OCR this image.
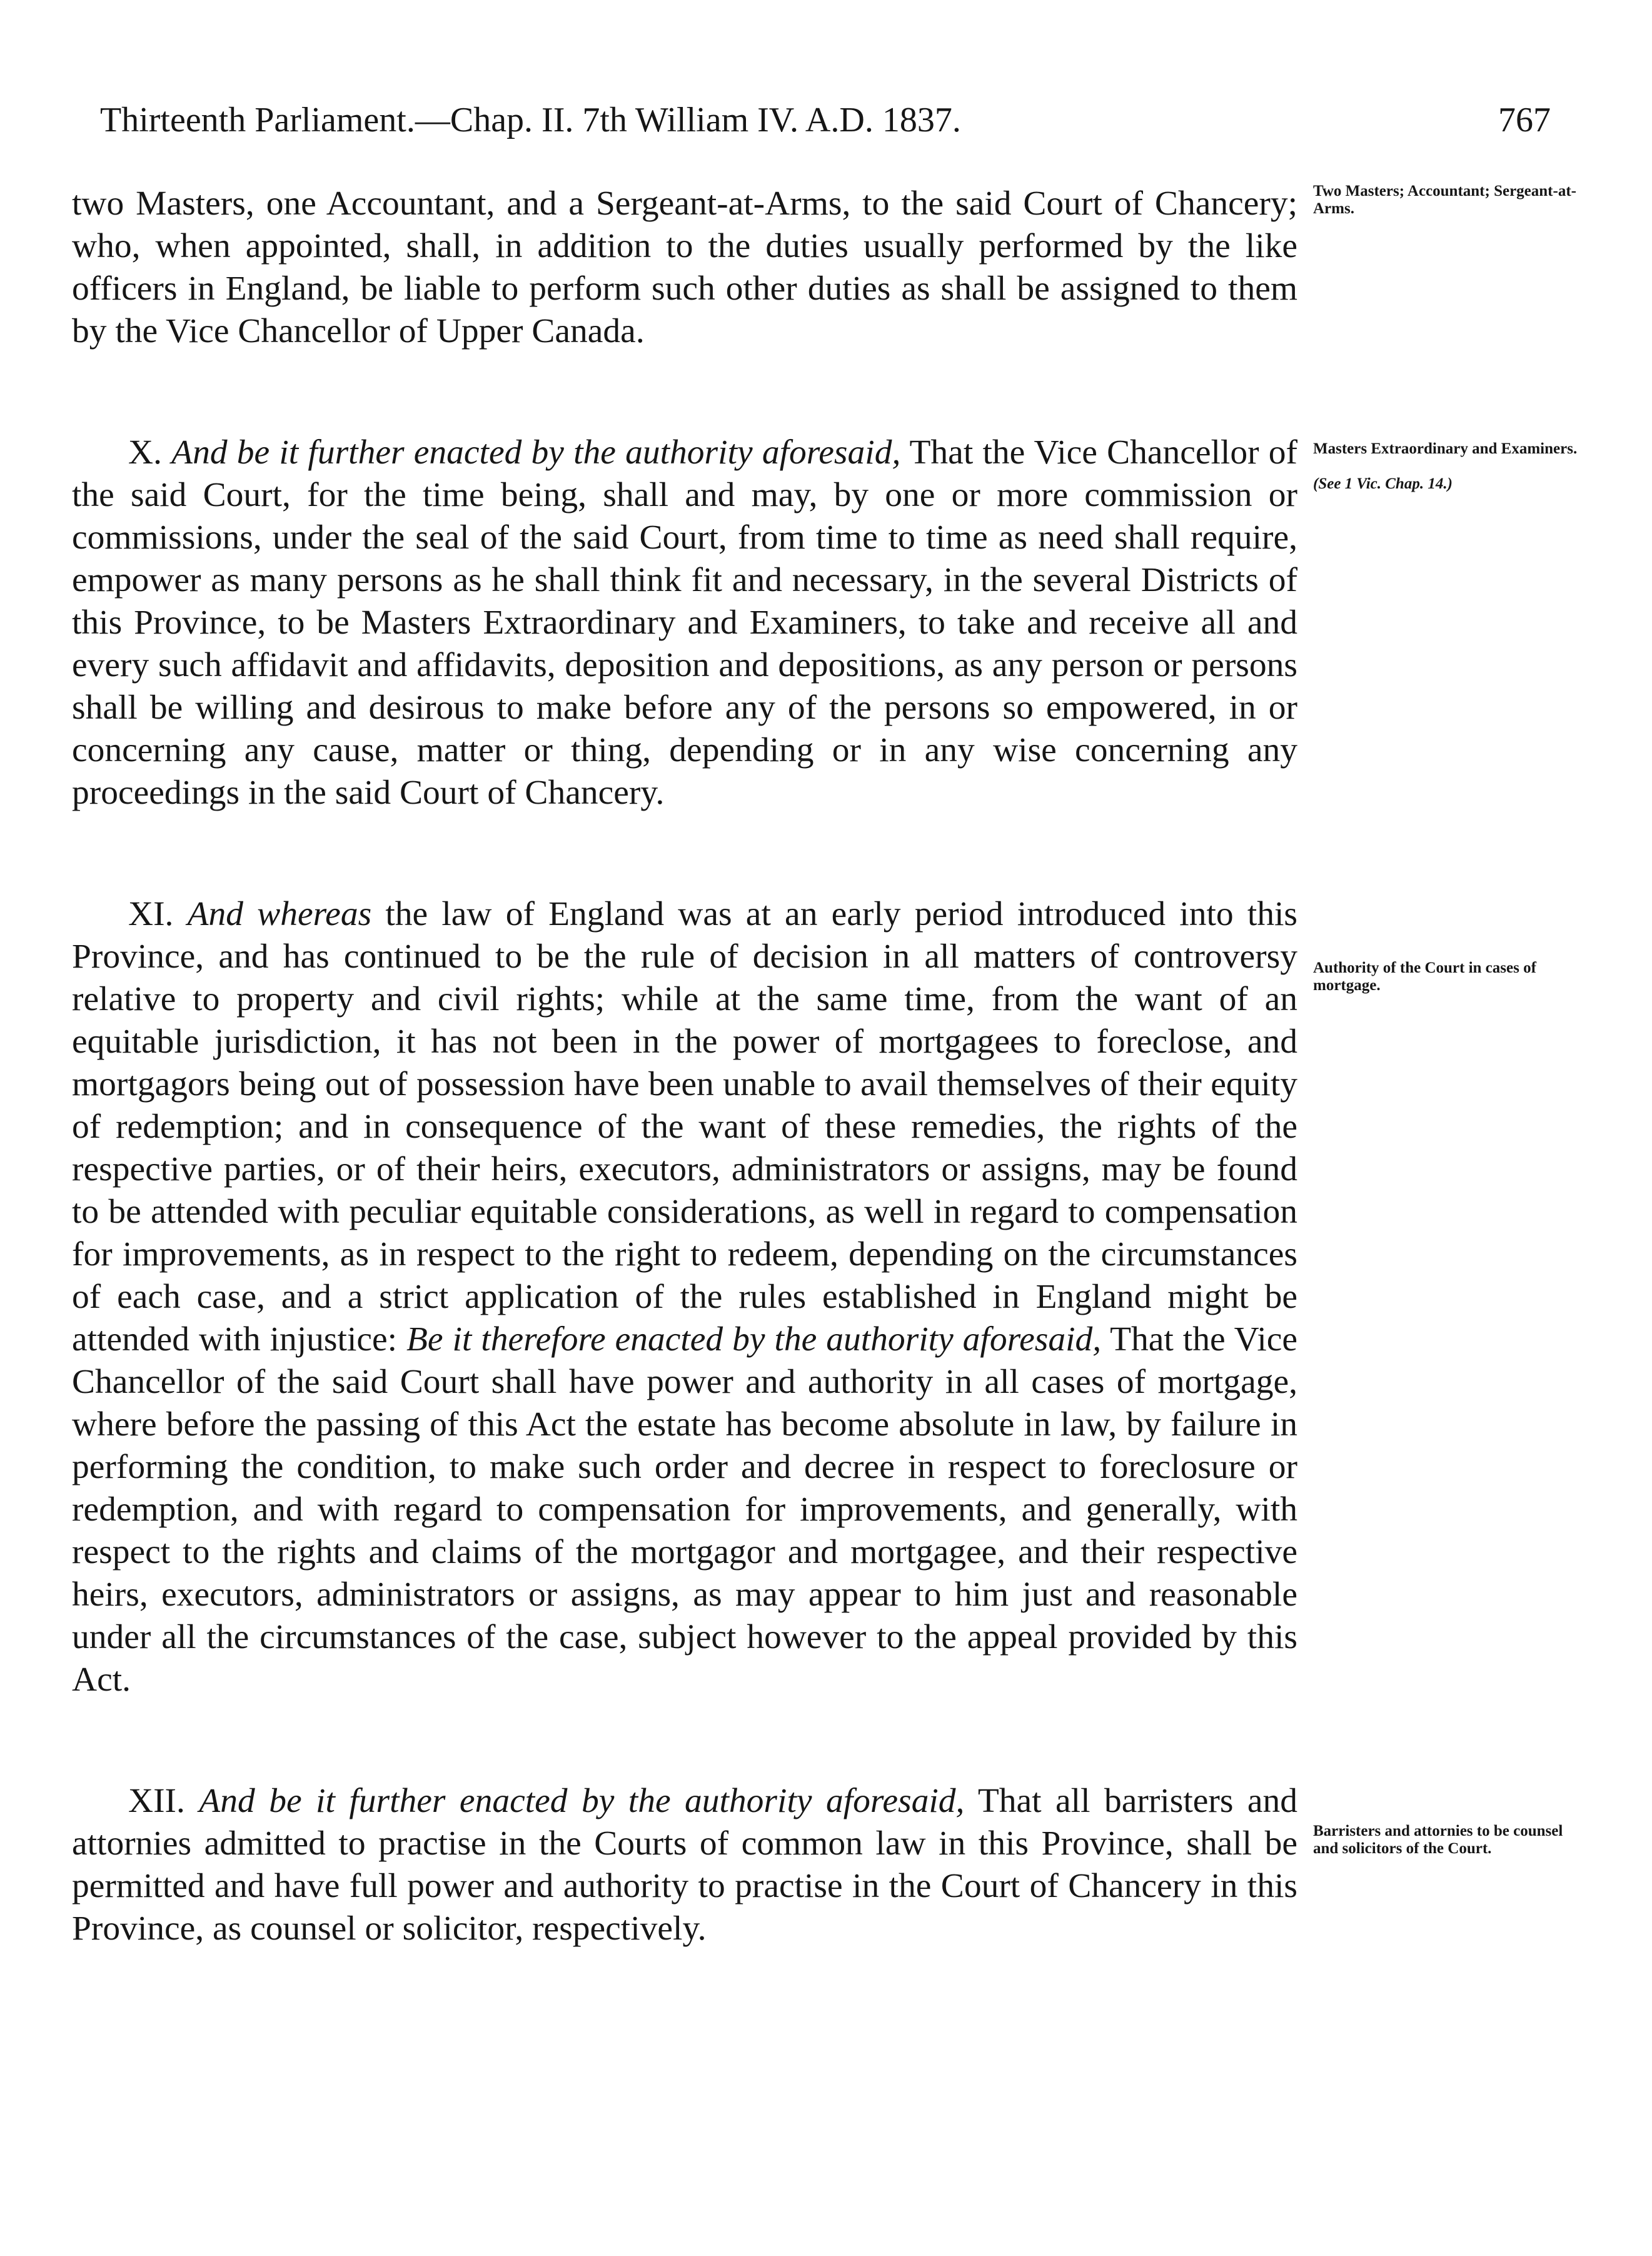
Thirteenth Parliament.—Chap. II. 7th William IV. A.D. 1837.	767

two Masters, one Accountant, and a Sergeant-at-Arms, to the said Court of Chancery; who, when appointed, shall, in addition to the duties usually performed by the like officers in England, be liable to perform such other duties as shall be assigned to them by the Vice Chancellor of Upper Canada.

X. And be it further enacted by the authority aforesaid, That the Vice Chancellor of the said Court, for the time being, shall and may, by one or more commission or commissions, under the seal of the said Court, from time to time as need shall require, empower as many persons as he shall think fit and necessary, in the several Districts of this Province, to be Masters Extraordinary and Examiners, to take and receive all and every such affidavit and affidavits, deposition and depositions, as any person or persons shall be willing and desirous to make before any of the persons so empowered, in or concerning any cause, matter or thing, depending or in any wise concerning any proceedings in the said Court of Chancery.

XI. And whereas the law of England was at an early period introduced into this Province, and has continued to be the rule of decision in all matters of controversy relative to property and civil rights; while at the same time, from the want of an equitable jurisdiction, it has not been in the power of mortgagees to foreclose, and mortgagors being out of possession have been unable to avail themselves of their equity of redemption; and in consequence of the want of these remedies, the rights of the respective parties, or of their heirs, executors, administrators or assigns, may be found to be attended with peculiar equitable considerations, as well in regard to compensation for improvements, as in respect to the right to redeem, depending on the circumstances of each case, and a strict application of the rules established in England might be attended with injustice: Be it therefore enacted by the authority aforesaid, That the Vice Chancellor of the said Court shall have power and authority in all cases of mortgage, where before the passing of this Act the estate has become absolute in law, by failure in performing the condition, to make such order and decree in respect to foreclosure or redemption, and with regard to compensation for improvements, and generally, with respect to the rights and claims of the mortgagor and mortgagee, and their respective heirs, executors, administrators or assigns, as may appear to him just and reasonable under all the circumstances of the case, subject however to the appeal provided by this Act.

XII. And be it further enacted by the authority aforesaid, That all barristers and attornies admitted to practise in the Courts of common law in this Province, shall be permitted and have full power and authority to practise in the Court of Chancery in this Province, as counsel or solicitor, respectively.

Two Masters; Accountant; Sergeant-at-Arms.
Masters Extraordinary and Examiners.
(See 1 Vic. Chap. 14.)
Authority of the Court in cases of mortgage.
Barristers and attornies to be counsel and solicitors of the Court.
